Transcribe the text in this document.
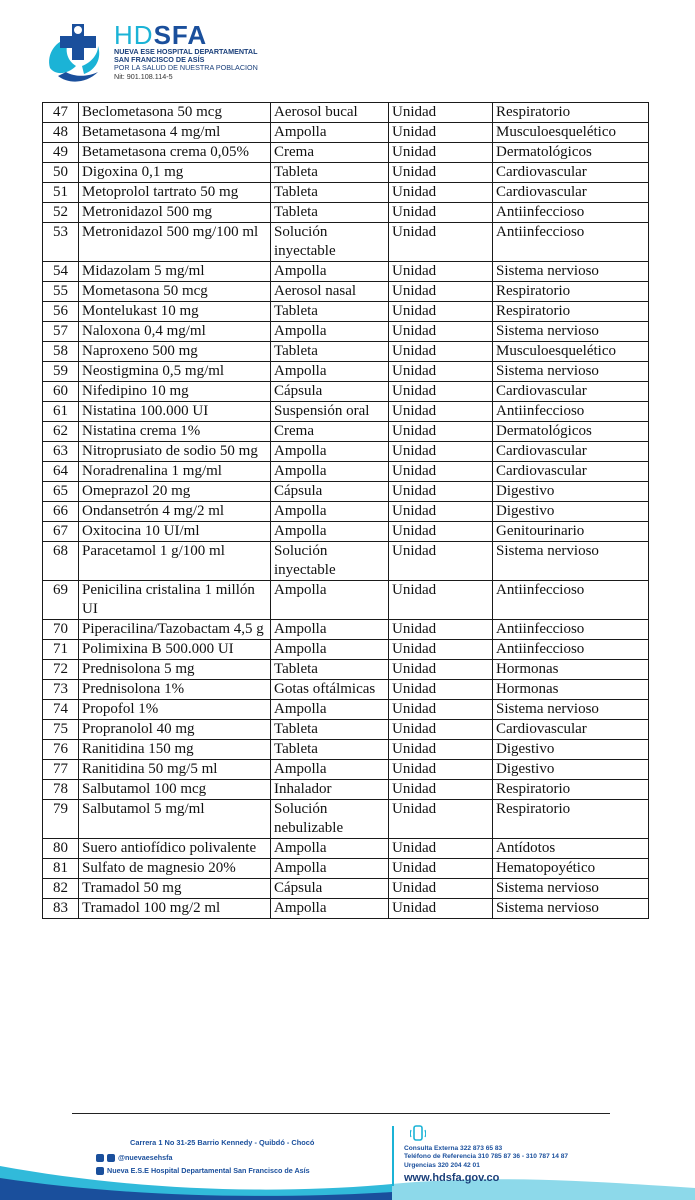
HDSFA
NUEVA ESE HOSPITAL DEPARTAMENTAL
SAN FRANCISCO DE ASÍS
POR LA SALUD DE NUESTRA POBLACION
Nit: 901.108.114-5
47	Beclometasona 50 mcg	Aerosol bucal	Unidad	Respiratorio
48	Betametasona 4 mg/ml	Ampolla	Unidad	Musculoesquelético
49	Betametasona crema 0,05%	Crema	Unidad	Dermatológicos
50	Digoxina 0,1 mg	Tableta	Unidad	Cardiovascular
51	Metoprolol tartrato 50 mg	Tableta	Unidad	Cardiovascular
52	Metronidazol 500 mg	Tableta	Unidad	Antiinfeccioso
53	Metronidazol 500 mg/100 ml	Solución inyectable	Unidad	Antiinfeccioso
54	Midazolam 5 mg/ml	Ampolla	Unidad	Sistema nervioso
55	Mometasona 50 mcg	Aerosol nasal	Unidad	Respiratorio
56	Montelukast 10 mg	Tableta	Unidad	Respiratorio
57	Naloxona 0,4 mg/ml	Ampolla	Unidad	Sistema nervioso
58	Naproxeno 500 mg	Tableta	Unidad	Musculoesquelético
59	Neostigmina 0,5 mg/ml	Ampolla	Unidad	Sistema nervioso
60	Nifedipino 10 mg	Cápsula	Unidad	Cardiovascular
61	Nistatina 100.000 UI	Suspensión oral	Unidad	Antiinfeccioso
62	Nistatina crema 1%	Crema	Unidad	Dermatológicos
63	Nitroprusiato de sodio 50 mg	Ampolla	Unidad	Cardiovascular
64	Noradrenalina 1 mg/ml	Ampolla	Unidad	Cardiovascular
65	Omeprazol 20 mg	Cápsula	Unidad	Digestivo
66	Ondansetrón 4 mg/2 ml	Ampolla	Unidad	Digestivo
67	Oxitocina 10 UI/ml	Ampolla	Unidad	Genitourinario
68	Paracetamol 1 g/100 ml	Solución inyectable	Unidad	Sistema nervioso
69	Penicilina cristalina 1 millón UI	Ampolla	Unidad	Antiinfeccioso
70	Piperacilina/Tazobactam 4,5 g	Ampolla	Unidad	Antiinfeccioso
71	Polimixina B 500.000 UI	Ampolla	Unidad	Antiinfeccioso
72	Prednisolona 5 mg	Tableta	Unidad	Hormonas
73	Prednisolona 1%	Gotas oftálmicas	Unidad	Hormonas
74	Propofol 1%	Ampolla	Unidad	Sistema nervioso
75	Propranolol 40 mg	Tableta	Unidad	Cardiovascular
76	Ranitidina 150 mg	Tableta	Unidad	Digestivo
77	Ranitidina 50 mg/5 ml	Ampolla	Unidad	Digestivo
78	Salbutamol 100 mcg	Inhalador	Unidad	Respiratorio
79	Salbutamol 5 mg/ml	Solución nebulizable	Unidad	Respiratorio
80	Suero antiofídico polivalente	Ampolla	Unidad	Antídotos
81	Sulfato de magnesio 20%	Ampolla	Unidad	Hematopoyético
82	Tramadol 50 mg	Cápsula	Unidad	Sistema nervioso
83	Tramadol 100 mg/2 ml	Ampolla	Unidad	Sistema nervioso
Carrera 1 No 31-25 Barrio Kennedy - Quibdó - Chocó
@nuevaesehsfa
Nueva E.S.E Hospital Departamental San Francisco de Asís
Consulta Externa 322 873 65 83
Teléfono de Referencia 310 785 87 36 - 310 787 14 87
Urgencias 320 204 42 01
www.hdsfa.gov.co
